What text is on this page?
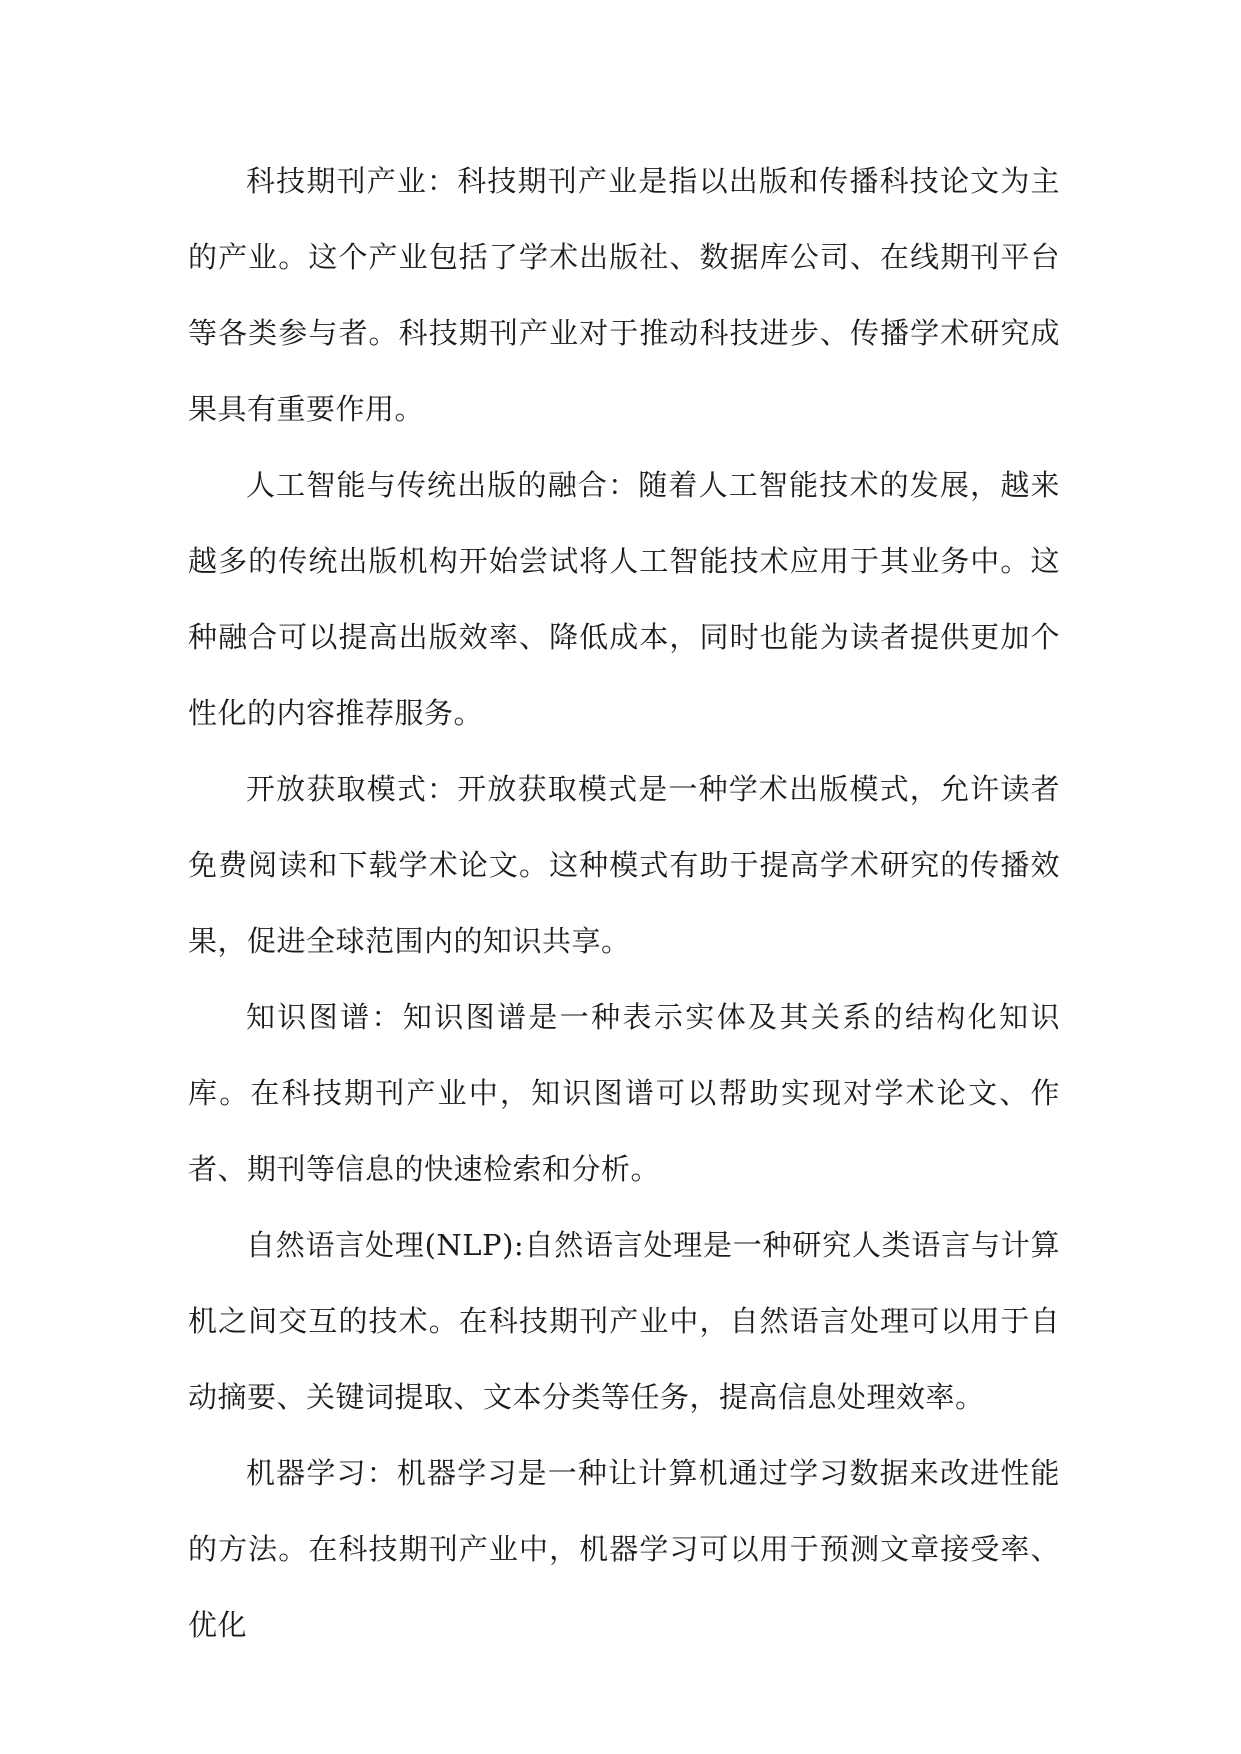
科技期刊产业：科技期刊产业是指以出版和传播科技论文为主的产业。这个产业包括了学术出版社、数据库公司、在线期刊平台等各类参与者。科技期刊产业对于推动科技进步、传播学术研究成果具有重要作用。

人工智能与传统出版的融合：随着人工智能技术的发展，越来越多的传统出版机构开始尝试将人工智能技术应用于其业务中。这种融合可以提高出版效率、降低成本，同时也能为读者提供更加个性化的内容推荐服务。

开放获取模式：开放获取模式是一种学术出版模式，允许读者免费阅读和下载学术论文。这种模式有助于提高学术研究的传播效果，促进全球范围内的知识共享。

知识图谱：知识图谱是一种表示实体及其关系的结构化知识库。在科技期刊产业中，知识图谱可以帮助实现对学术论文、作者、期刊等信息的快速检索和分析。

自然语言处理(NLP):自然语言处理是一种研究人类语言与计算机之间交互的技术。在科技期刊产业中，自然语言处理可以用于自动摘要、关键词提取、文本分类等任务，提高信息处理效率。

机器学习：机器学习是一种让计算机通过学习数据来改进性能的方法。在科技期刊产业中，机器学习可以用于预测文章接受率、优化
